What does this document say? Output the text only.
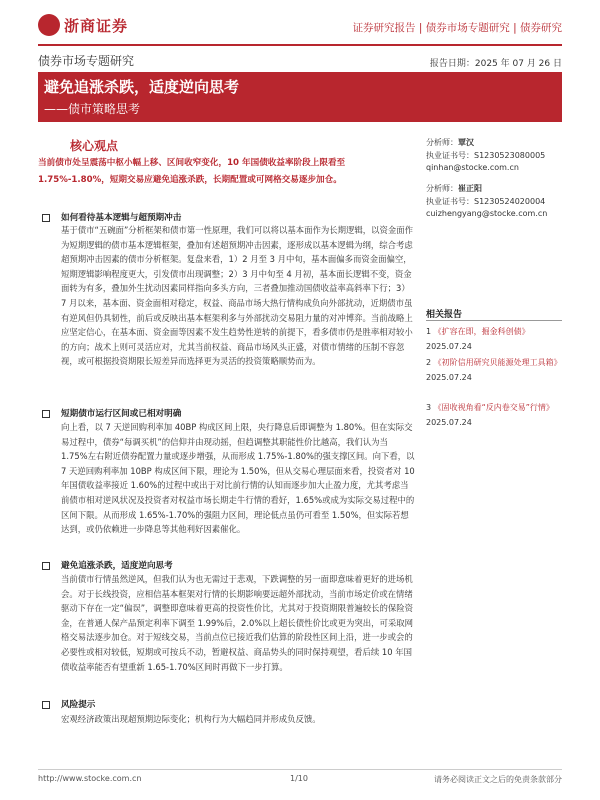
浙商证券	证券研究报告 | 债券市场专题研究 | 债券研究
债券市场专题研究	报告日期：2025 年 07 月 26 日
避免追涨杀跌，适度逆向思考
——债市策略思考
核心观点
当前债市处呈震荡中枢小幅上移、区间收窄变化，10 年国债收益率阶段上限看至 1.75%-1.80%，短期交易应避免追涨杀跌，长期配置或可网格交易逐步加仓。
如何看待基本逻辑与超预期冲击
基于债市“五碗面”分析框架和债市第一性原理，我们可以将以基本面作为长期逻辑，以资金面作为短期逻辑的债市基本逻辑框架，叠加有述超预期冲击因素，逐形成以基本逻辑为纲，综合考虑超预期冲击因素的债市分析框架。复盘来看，1）2 月至 3 月中旬，基本面偏多而资金面偏空，短期逻辑影响程度更大，引发债市出现调整；2）3 月中旬至 4 月初，基本面长逻辑不变，资金面转为有多，叠加外生扰动因素同样指向多头方向，三者叠加推动国债收益率高斜率下行；3）7 月以来，基本面、资金面相对稳定，权益、商品市场大热行情构成负向外部扰动，近期债市虽有逆风但仍具韧性，前后或反映出基本框架利多与外部扰动交易阻力量的对冲博弈。当前战略上应坚定信心，在基本面、资金面等因素不发生趋势性逆转的前提下，看多债市仍是胜率相对较小的方向；战术上则可灵活应对，尤其当前权益、商品市场风头正盛，对债市情绪的压制不容忽视，或可根据投资期限长短差异而选择更为灵活的投资策略顺势而为。
短期债市运行区间或已相对明确
向上看，以 7 天逆回购利率加 40BP 构成区间上限，央行降息后即调整为 1.80%。但在实际交易过程中，债券“每调买机”的信仰并由现动摇，但趋调整其职能性价比越高，我们认为当 1.75%左右附近债券配置力量或逐步增强，从而形成 1.75%-1.80%的强支撑区间。向下看，以 7 天逆回购利率加 10BP 构成区间下限，理论为 1.50%，但从交易心理层面来看，投资者对 10 年国债收益率接近 1.60%的过程中或出于对比前行情的认知而逐步加大止盈力度，尤其考虑当前债市相对逆风状况及投资者对权益市场长期走牛行情的看好，1.65%或成为实际交易过程中的区间下限。从而形成 1.65%-1.70%的强阻力区间，理论低点虽仍可看至 1.50%，但实际若想达到，或仍依赖进一步降息等其他利好因素催化。
避免追涨杀跌，适度逆向思考
当前债市行情虽然逆风，但我们认为也无需过于悲观，下跌调整的另一面即意味着更好的进场机会。对于长线投资，应相信基本框架对行情的长期影响要远超外部扰动，当前市场定价或在情绪驱动下存在一定“偏误”，调整即意味着更高的投资性价比，尤其对于投资期限普遍较长的保险资金，在普通人保产品预定利率下调至 1.99%后，2.0%以上超长债性价比或更为突出，可采取网格交易法逐步加仓。对于短线交易，当前点位已接近我们估算的阶段性区间上沿，进一步或会的必要性或相对较低，短期或可按兵不动，暂避权益、商品势头的同时保持观望，看后续 10 年国债收益率能否有望重新 1.65-1.70%区间时再做下一步打算。
风险提示
宏观经济政策出现超预期边际变化；机构行为大幅趋同并形成负反馈。
分析师：覃汉
执业证书号：S1230523080005
qinhan@stocke.com.cn
分析师：崔正阳
执业证书号：S1230524020004
cuizhengyang@stocke.com.cn
相关报告
1 《扩容在即，掘金科创债》
2025.07.24
2 《初阶信用研究贝能源处理工具箱》 2025.07.24
3 《固收视角看“反内卷交易”行情》 2025.07.24
http://www.stocke.com.cn	1/10	请务必阅读正文之后的免责条款部分
